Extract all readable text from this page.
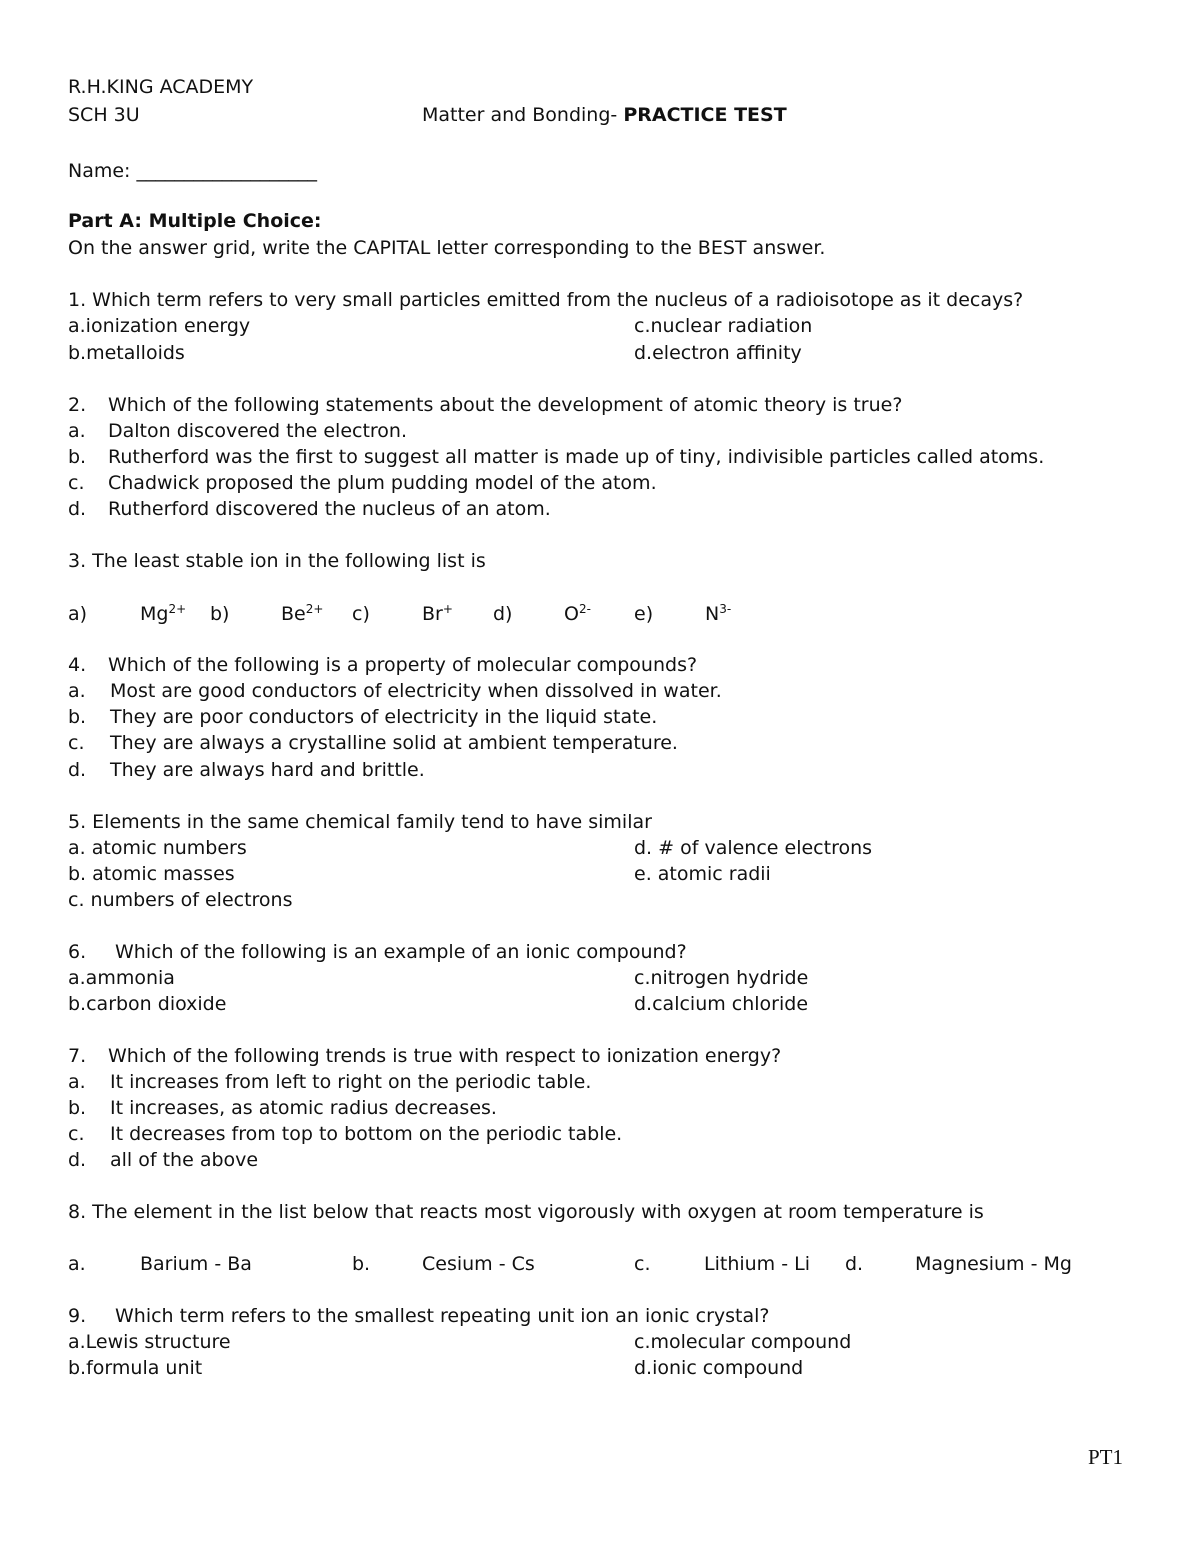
R.H.KING ACADEMY
SCH 3U	Matter and Bonding- PRACTICE TEST
Name: ___________________
Part A: Multiple Choice:
On the answer grid, write the CAPITAL letter corresponding to the BEST answer.
1. Which term refers to very small particles emitted from the nucleus of a radioisotope as it decays?
a.ionization energy
b.metalloids
c.nuclear radiation
d.electron affinity
2. Which of the following statements about the development of atomic theory is true?
a. Dalton discovered the electron.
b. Rutherford was the first to suggest all matter is made up of tiny, indivisible particles called atoms.
c. Chadwick proposed the plum pudding model of the atom.
d. Rutherford discovered the nucleus of an atom.
3. The least stable ion in the following list is
a)	$Mg^{2+}$ b)	$Be^{2+}$ c)	Br+ d)	$O^{2-}$ e)	$N^{3-}$
4. Which of the following is a property of molecular compounds?
a. Most are good conductors of electricity when dissolved in water.
b. They are poor conductors of electricity in the liquid state.
c. They are always a crystalline solid at ambient temperature.
d. They are always hard and brittle.
5. Elements in the same chemical family tend to have similar
a. atomic numbers
b. atomic masses
c. numbers of electrons
d. # of valence electrons
e. atomic radii
6. Which of the following is an example of an ionic compound?
a.ammonia
b.carbon dioxide
c.nitrogen hydride
d.calcium chloride
7. Which of the following trends is true with respect to ionization energy?
a. It increases from left to right on the periodic table.
b. It increases, as atomic radius decreases.
c. It decreases from top to bottom on the periodic table.
d. all of the above
8. The element in the list below that reacts most vigorously with oxygen at room temperature is
a.	Barium - Ba	b.	Cesium - Cs	c.	Lithium - Li d.	Magnesium - Mg
9. Which term refers to the smallest repeating unit ion an ionic crystal?
a.Lewis structure
b.formula unit
c.molecular compound
d.ionic compound
PT1
